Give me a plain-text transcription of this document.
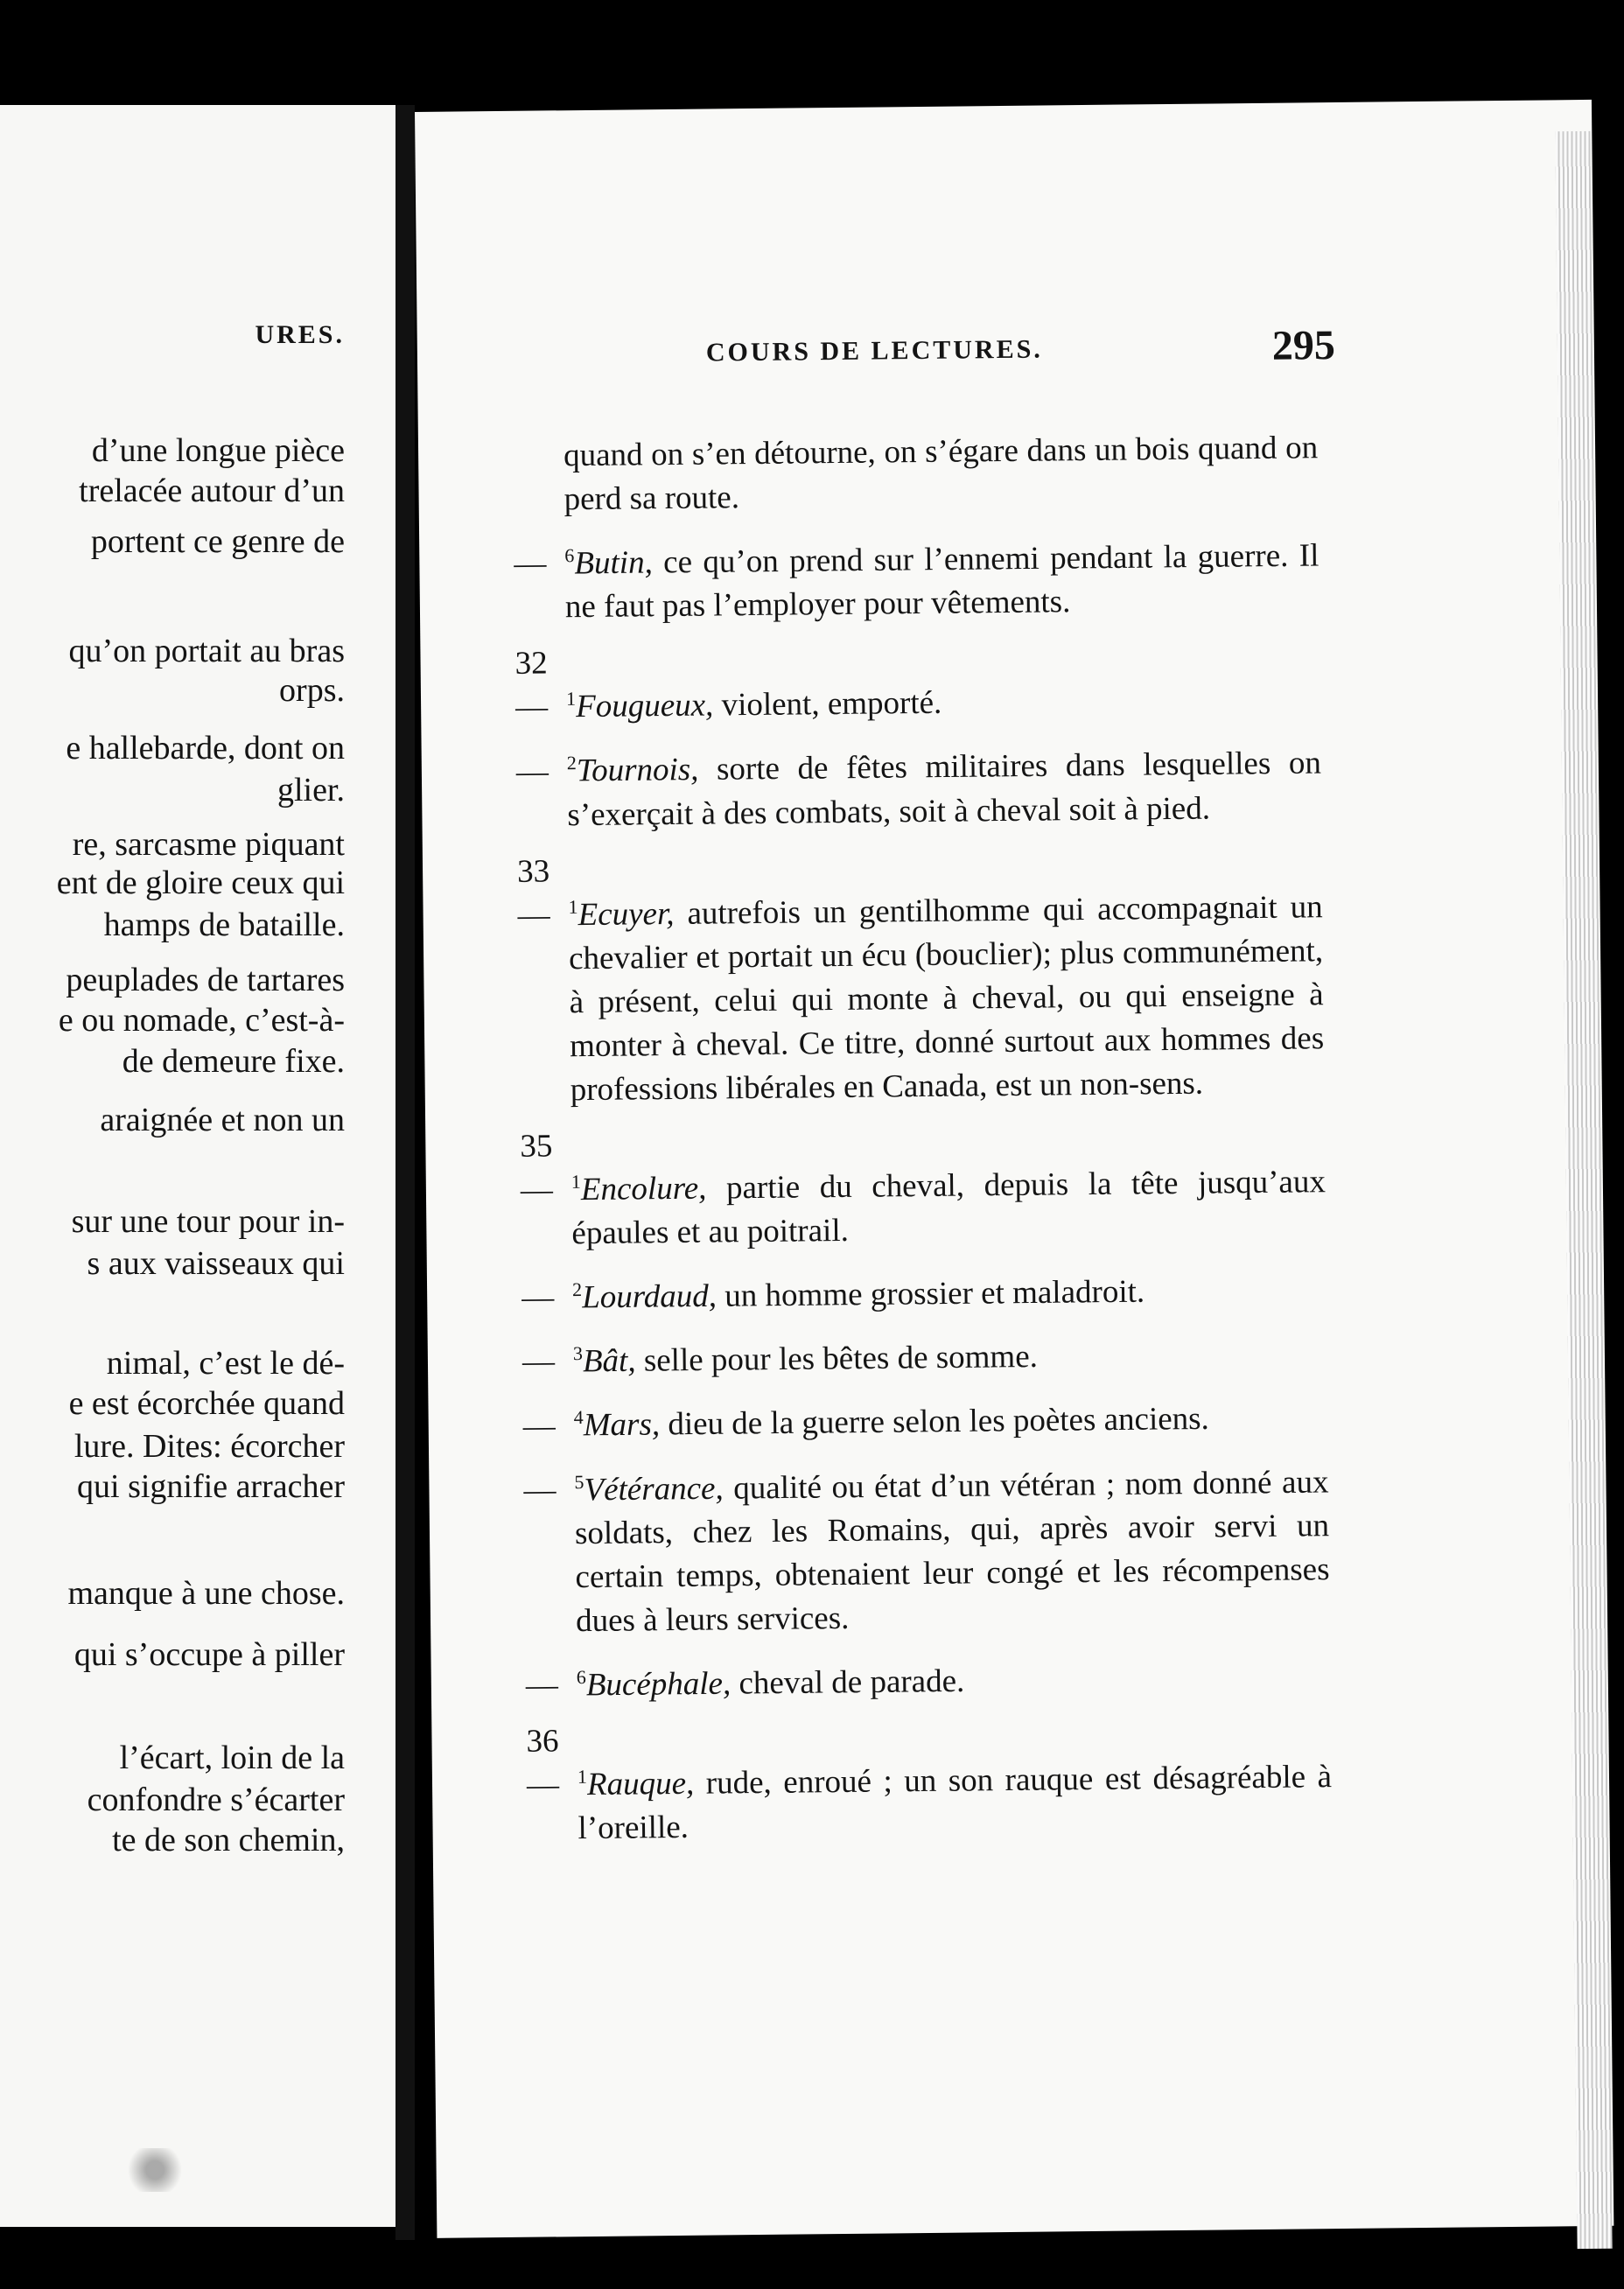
URES.
d’une longue pièce
trelacée autour d’un
portent ce genre de
qu’on portait au bras
orps.
e hallebarde, dont on
glier.
re, sarcasme piquant
ent de gloire ceux qui
hamps de bataille.
peuplades de tartares
e ou nomade, c’est-à-
de demeure fixe.
araignée et non un
sur une tour pour in-
s aux vaisseaux qui
nimal, c’est le dé-
e est écorchée quand
lure. Dites: écorcher
qui signifie arracher
manque à une chose.
qui s’occupe à piller
l’écart, loin de la
confondre s’écarter
te de son chemin,
COURS DE LECTURES.	295

quand on s’en détourne, on s’égare dans un bois quand on perd sa route.

— $^6$Butin, ce qu’on prend sur l’ennemi pendant la guerre. Il ne faut pas l’employer pour vêtements.

32— $^1$Fougueux, violent, emporté.

— $^2$Tournois, sorte de fêtes militaires dans lesquelles on s’exerçait à des combats, soit à cheval soit à pied.

33— $^1$Ecuyer, autrefois un gentilhomme qui accompagnait un chevalier et portait un écu (bouclier); plus communément, à présent, celui qui monte à cheval, ou qui enseigne à monter à cheval. Ce titre, donné surtout aux hommes des professions libérales en Canada, est un non-sens.

35— $^1$Encolure, partie du cheval, depuis la tête jusqu’aux épaules et au poitrail.

— $^2$Lourdaud, un homme grossier et maladroit.

— $^3$Bât, selle pour les bêtes de somme.

— $^4$Mars, dieu de la guerre selon les poètes anciens.

— $^5$Vétérance, qualité ou état d’un vétéran ; nom donné aux soldats, chez les Romains, qui, après avoir servi un certain temps, obtenaient leur congé et les récompenses dues à leurs services.

— $^6$Bucéphale, cheval de parade.

36— $^1$Rauque, rude, enroué ; un son rauque est désagréable à l’oreille.
